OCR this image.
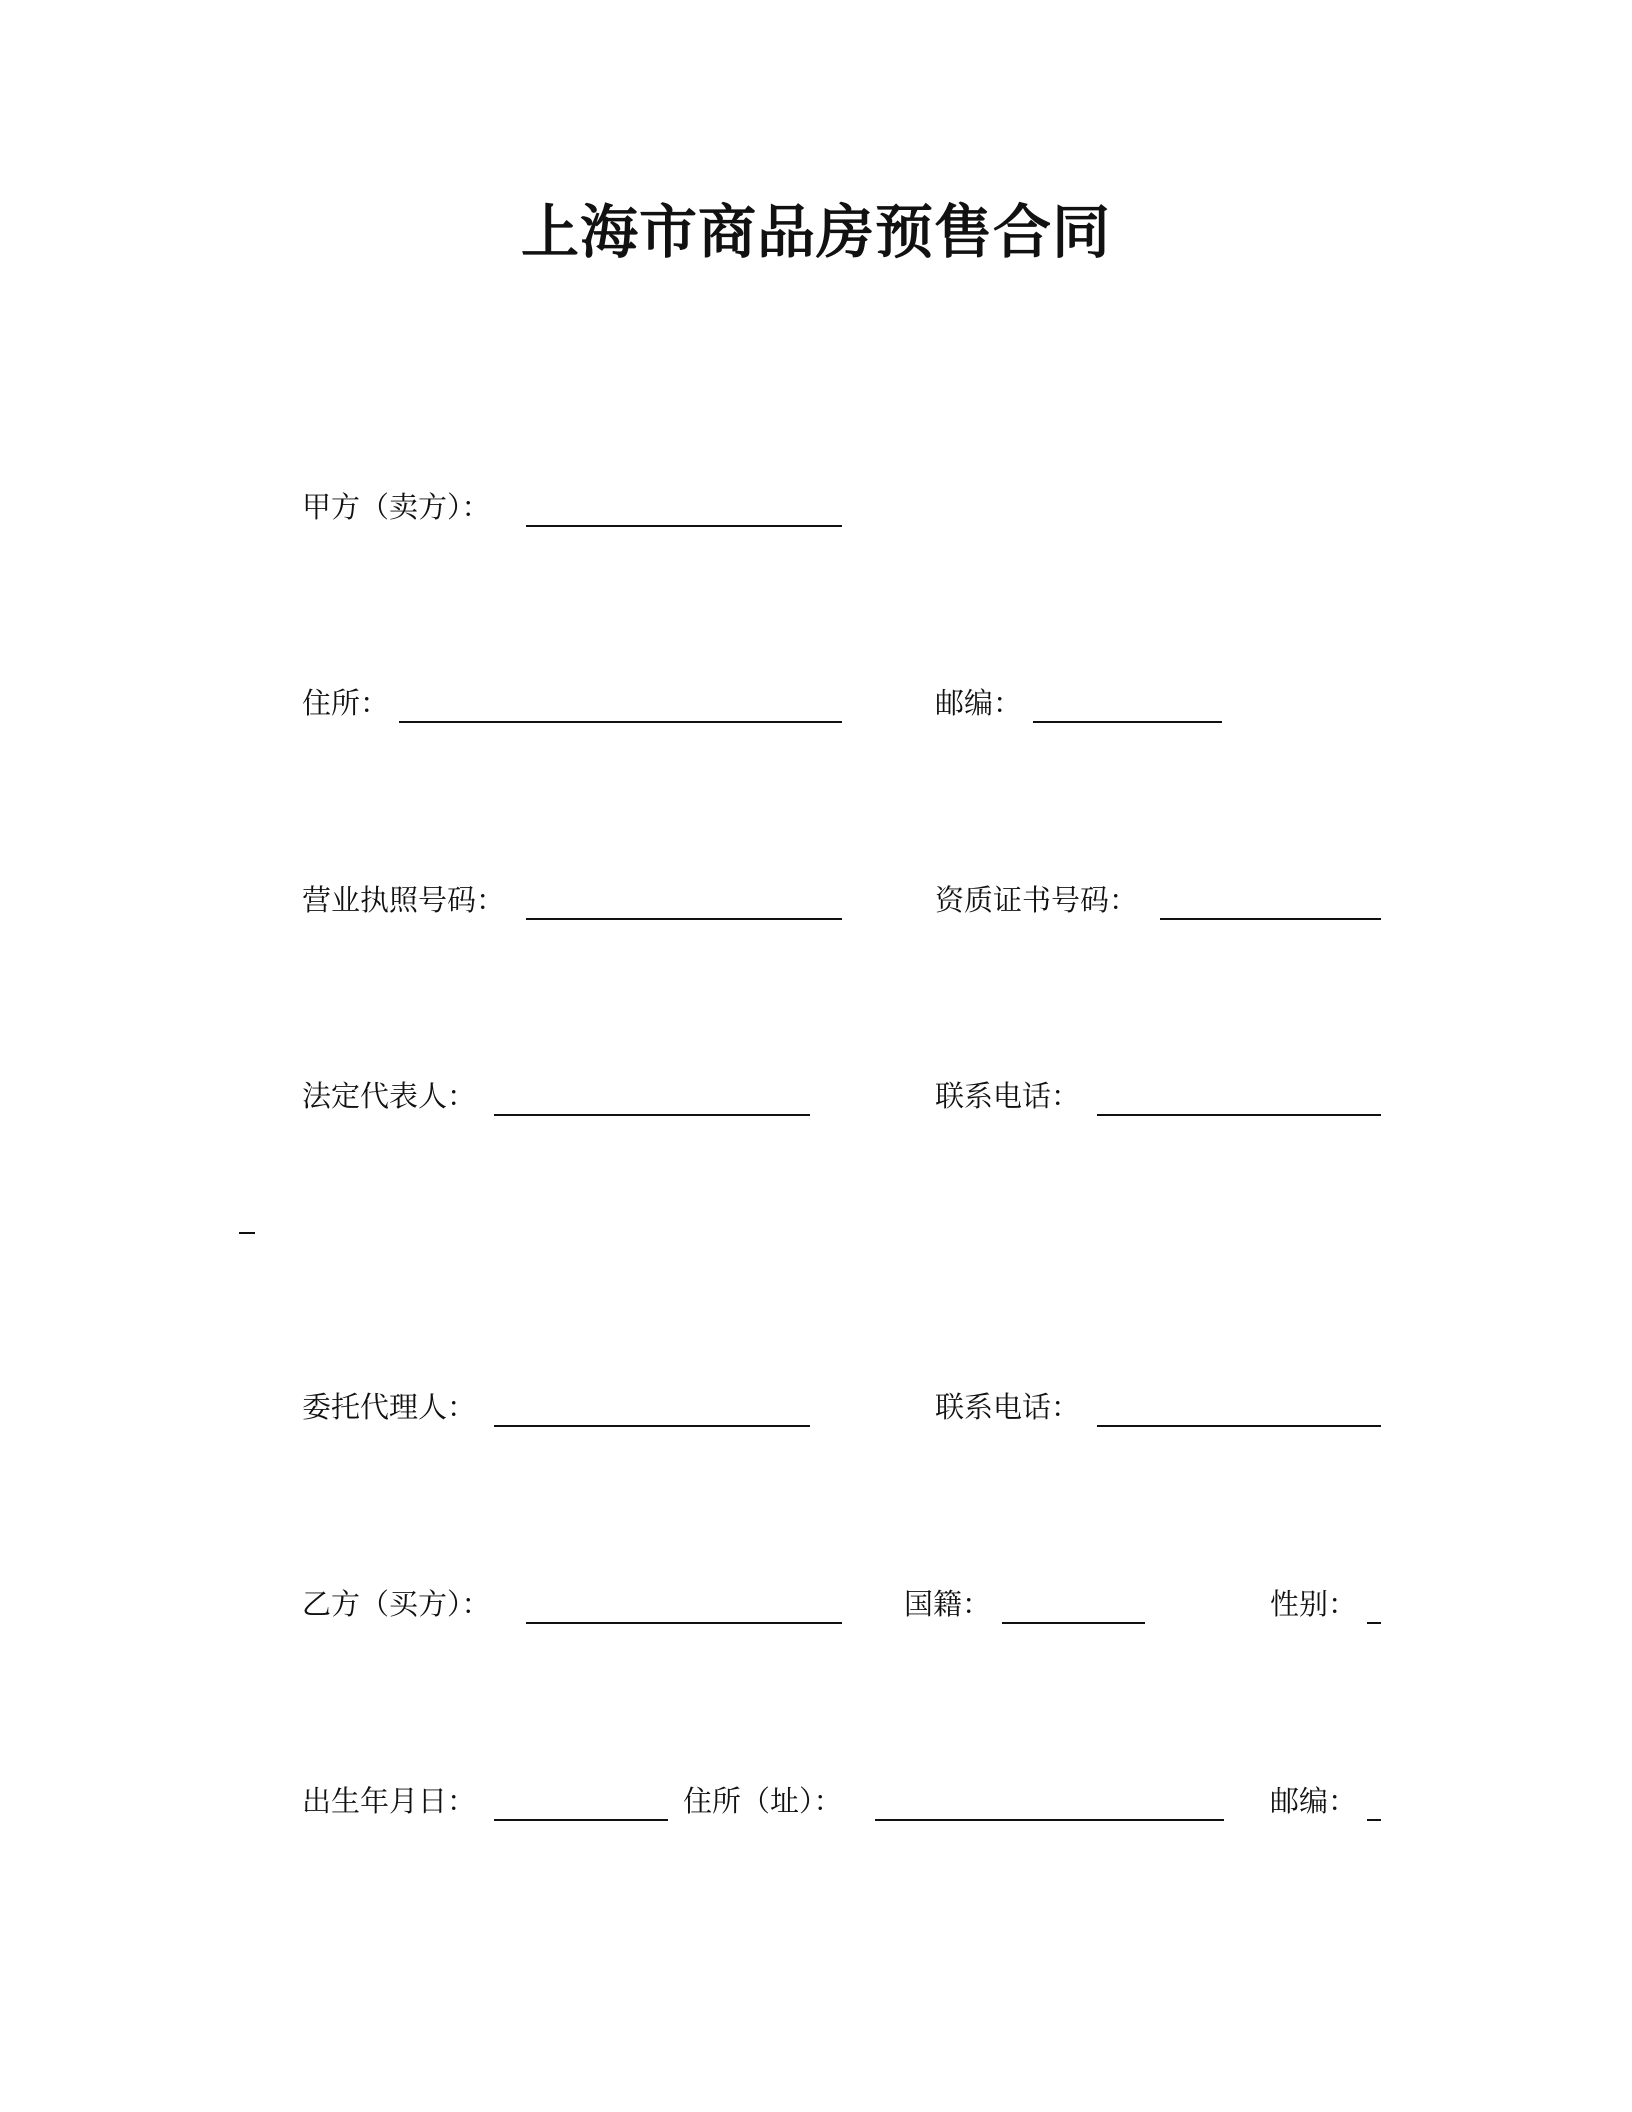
上海市商品房预售合同
甲方（卖方）：
住所：	邮编：
营业执照号码：	资质证书号码：
法定代表人：	联系电话：
委托代理人：	联系电话：
乙方（买方）：	国籍：	性别：
出生年月日：	住所（址）：	邮编：
